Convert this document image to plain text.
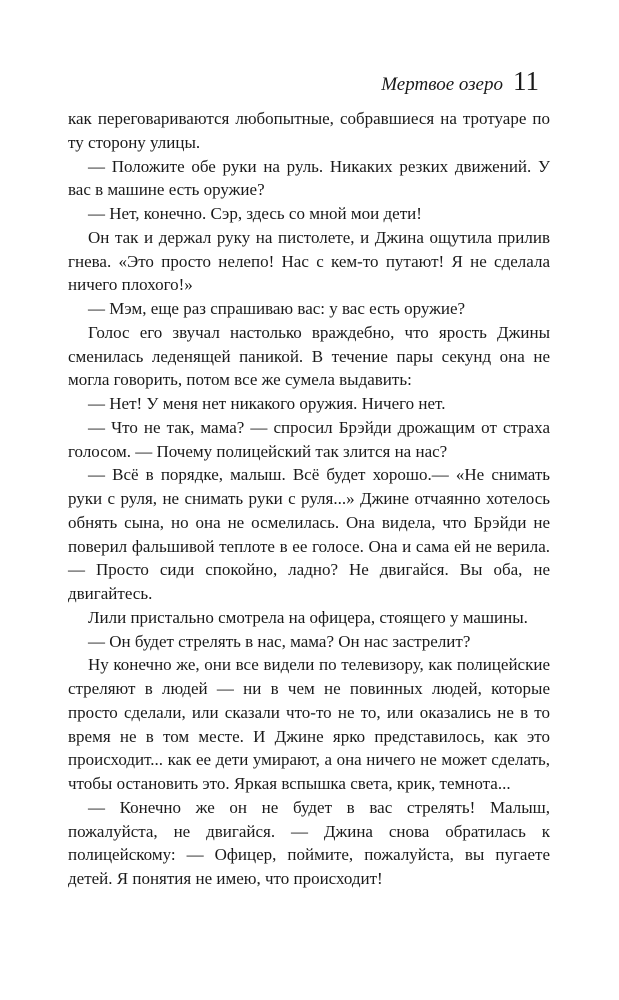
Мертвое озеро 11

как переговариваются любопытные, собравшиеся на тротуаре по ту сторону улицы.

— Положите обе руки на руль. Никаких резких движений. У вас в машине есть оружие?

— Нет, конечно. Сэр, здесь со мной мои дети!

Он так и держал руку на пистолете, и Джина ощутила прилив гнева. «Это просто нелепо! Нас с кем-то путают! Я не сделала ничего плохого!»

— Мэм, еще раз спрашиваю вас: у вас есть оружие?

Голос его звучал настолько враждебно, что ярость Джины сменилась леденящей паникой. В течение пары секунд она не могла говорить, потом все же сумела выдавить:

— Нет! У меня нет никакого оружия. Ничего нет.

— Что не так, мама? — спросил Брэйди дрожащим от страха голосом. — Почему полицейский так злится на нас?

— Всё в порядке, малыш. Всё будет хорошо.— «Не снимать руки с руля, не снимать руки с руля...» Джине отчаянно хотелось обнять сына, но она не осмелилась. Она видела, что Брэйди не поверил фальшивой теплоте в ее голосе. Она и сама ей не верила. — Просто сиди спокойно, ладно? Не двигайся. Вы оба, не двигайтесь.

Лили пристально смотрела на офицера, стоящего у машины.

— Он будет стрелять в нас, мама? Он нас застрелит?

Ну конечно же, они все видели по телевизору, как полицейские стреляют в людей — ни в чем не повинных людей, которые просто сделали, или сказали что-то не то, или оказались не в то время не в том месте. И Джине ярко представилось, как это происходит... как ее дети умирают, а она ничего не может сделать, чтобы остановить это. Яркая вспышка света, крик, темнота...

— Конечно же он не будет в вас стрелять! Малыш, пожалуйста, не двигайся. — Джина снова обратилась к полицейскому: — Офицер, поймите, пожалуйста, вы пугаете детей. Я понятия не имею, что происходит!
